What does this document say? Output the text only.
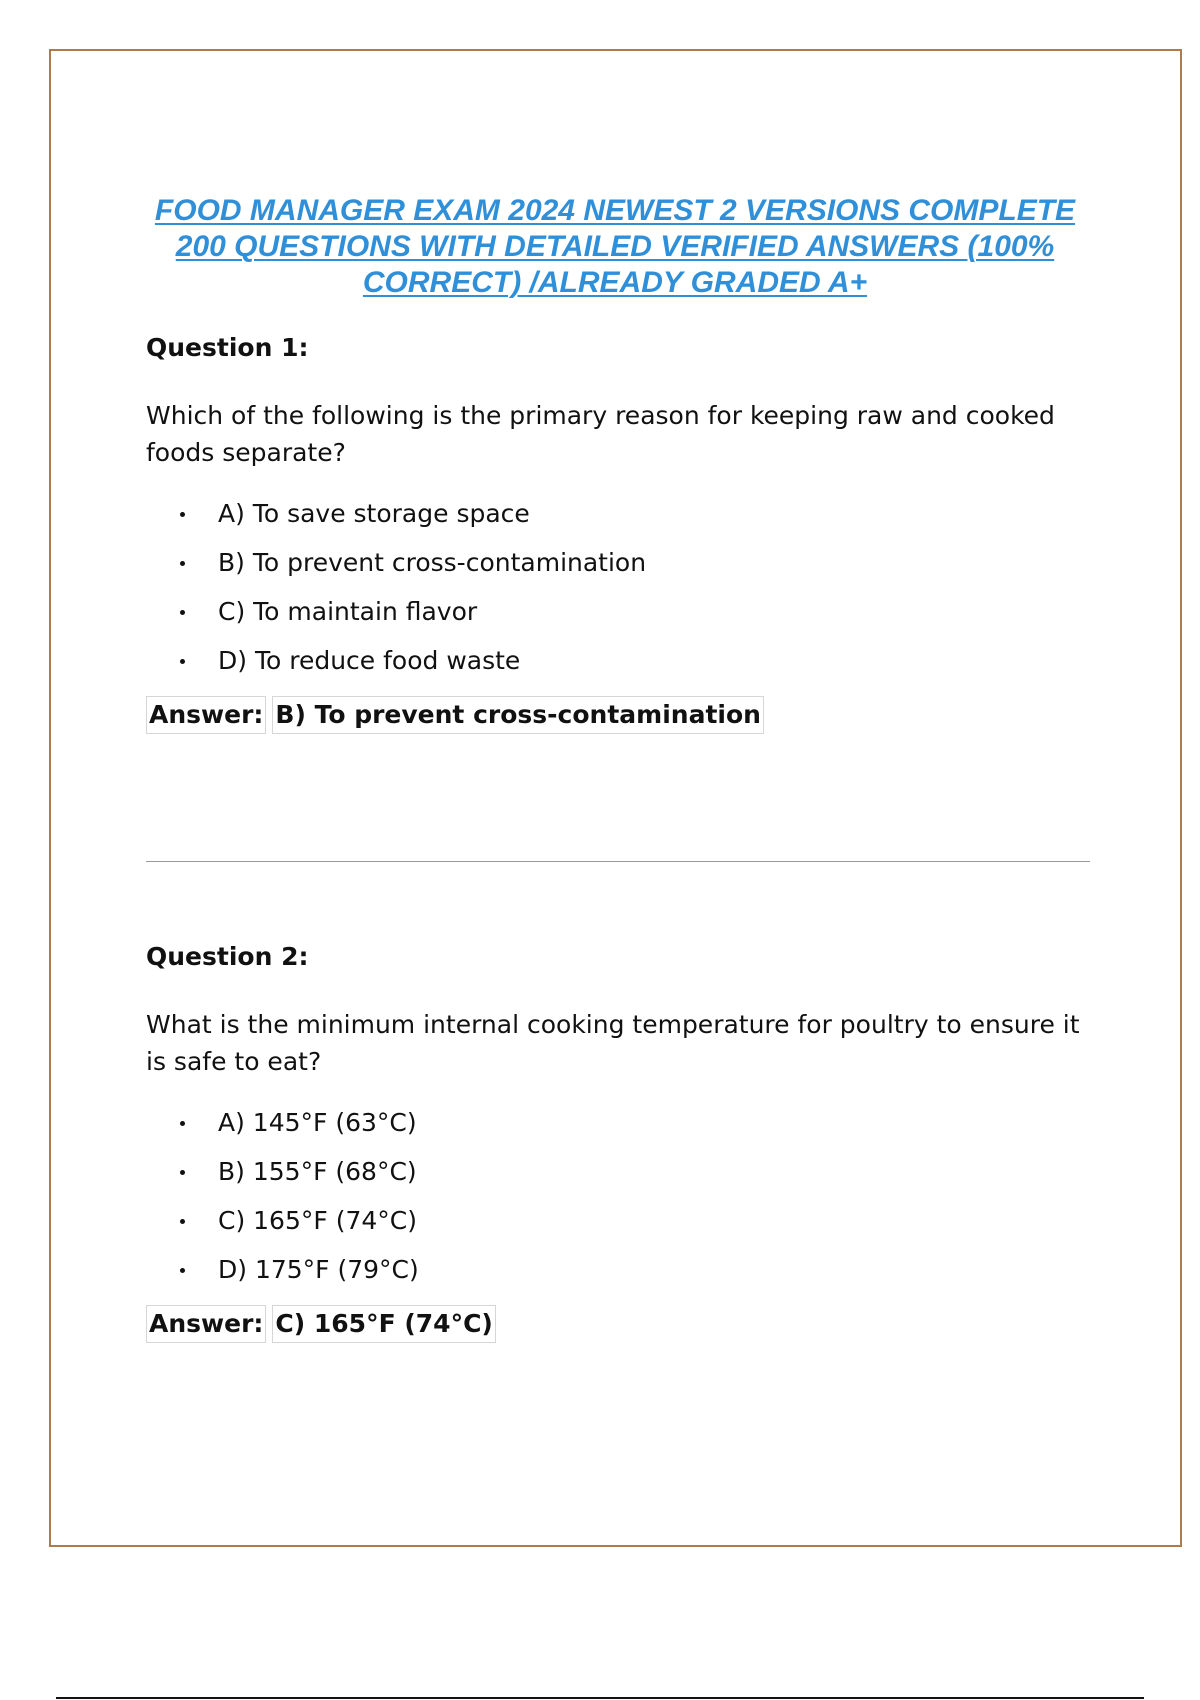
FOOD MANAGER EXAM 2024 NEWEST 2 VERSIONS COMPLETE 200 QUESTIONS WITH DETAILED VERIFIED ANSWERS (100% CORRECT) /ALREADY GRADED A+
Question 1:

Which of the following is the primary reason for keeping raw and cooked foods separate?

A) To save storage space
B) To prevent cross-contamination
C) To maintain flavor
D) To reduce food waste
Answer: B) To prevent cross-contamination
Question 2:

What is the minimum internal cooking temperature for poultry to ensure it is safe to eat?

A) 145°F (63°C)
B) 155°F (68°C)
C) 165°F (74°C)
D) 175°F (79°C)
Answer: C) 165°F (74°C)
